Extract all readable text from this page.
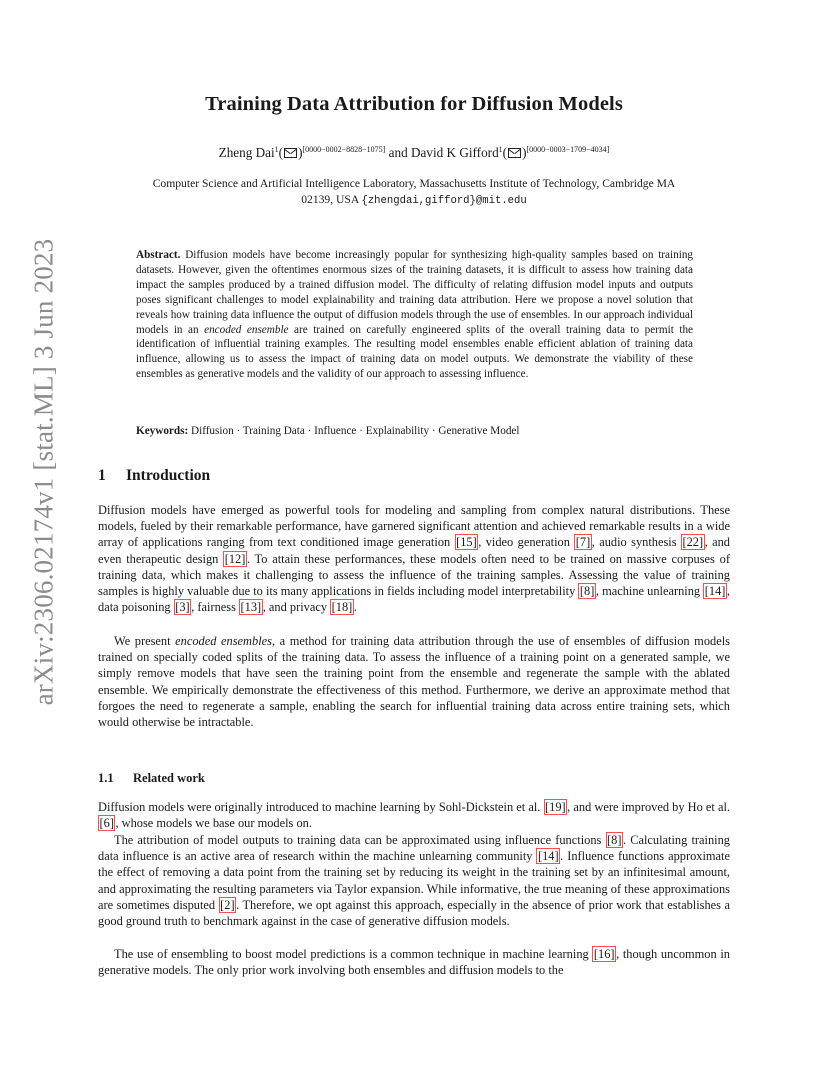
arXiv:2306.02174v1 [stat.ML] 3 Jun 2023
Training Data Attribution for Diffusion Models
Zheng Dai$^1$( )[0000−0002−8828−1075] and David K Gifford$^1$( )[0000−0003−1709−4034]
Computer Science and Artificial Intelligence Laboratory, Massachusetts Institute of Technology, Cambridge MA
02139, USA {zhengdai,gifford}@mit.edu
Abstract. Diffusion models have become increasingly popular for synthesizing high-quality samples based on training datasets. However, given the oftentimes enormous sizes of the training datasets, it is difficult to assess how training data impact the samples produced by a trained diffusion model. The difficulty of relating diffusion model inputs and outputs poses significant challenges to model explainability and training data attribution. Here we propose a novel solution that reveals how training data influence the output of diffusion models through the use of ensembles. In our approach individual models in an encoded ensemble are trained on carefully engineered splits of the overall training data to permit the identification of influential training examples. The resulting model ensembles enable efficient ablation of training data influence, allowing us to assess the impact of training data on model outputs. We demonstrate the viability of these ensembles as generative models and the validity of our approach to assessing influence.
Keywords: Diffusion · Training Data · Influence · Explainability · Generative Model
1 Introduction
Diffusion models have emerged as powerful tools for modeling and sampling from complex natural distributions. These models, fueled by their remarkable performance, have garnered significant attention and achieved remarkable results in a wide array of applications ranging from text conditioned image generation [15] , video generation [7] , audio synthesis [22] , and even therapeutic design [12] . To attain these performances, these models often need to be trained on massive corpuses of training data, which makes it challenging to assess the influence of the training samples. Assessing the value of training samples is highly valuable due to its many applications in fields including model interpretability [8] , machine unlearning [14] , data poisoning [3] , fairness [13] , and privacy [18] .
We present encoded ensembles, a method for training data attribution through the use of ensembles of diffusion models trained on specially coded splits of the training data. To assess the influence of a training point on a generated sample, we simply remove models that have seen the training point from the ensemble and regenerate the sample with the ablated ensemble. We empirically demonstrate the effectiveness of this method. Furthermore, we derive an approximate method that forgoes the need to regenerate a sample, enabling the search for influential training data across entire training sets, which would otherwise be intractable.
1.1 Related work
Diffusion models were originally introduced to machine learning by Sohl-Dickstein et al. [19] , and were improved by Ho et al. [6] , whose models we base our models on.
The attribution of model outputs to training data can be approximated using influence functions [8] . Calculating training data influence is an active area of research within the machine unlearning community [14] . Influence functions approximate the effect of removing a data point from the training set by reducing its weight in the training set by an infinitesimal amount, and approximating the resulting parameters via Taylor expansion. While informative, the true meaning of these approximations are sometimes disputed [2] . Therefore, we opt against this approach, especially in the absence of prior work that establishes a good ground truth to benchmark against in the case of generative diffusion models.
The use of ensembling to boost model predictions is a common technique in machine learning [16] , though uncommon in generative models. The only prior work involving both ensembles and diffusion models to the
